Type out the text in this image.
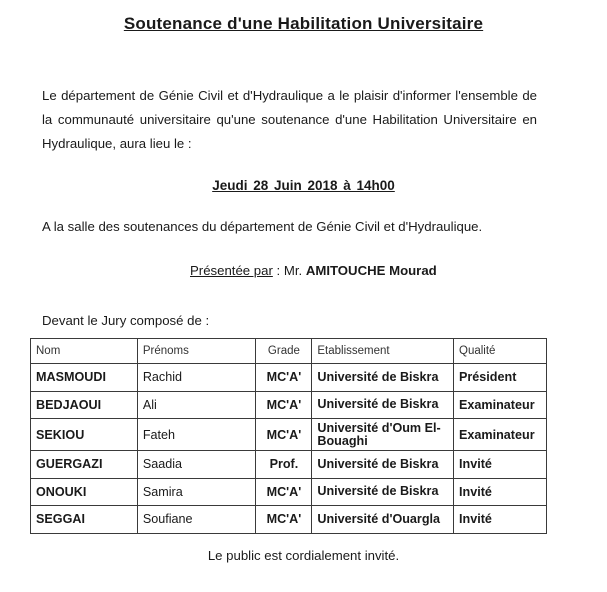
Soutenance d'une Habilitation Universitaire
Le département de Génie Civil et d'Hydraulique a le plaisir d'informer l'ensemble de la communauté universitaire qu'une soutenance d'une Habilitation Universitaire en Hydraulique, aura lieu le :
Jeudi 28 Juin 2018 à 14h00
A la salle des soutenances du département de Génie Civil et d'Hydraulique.
Présentée par : Mr. AMITOUCHE Mourad
Devant le Jury composé de :
Nom	Prénoms	Grade	Etablissement	Qualité
MASMOUDI	Rachid	MC'A'	Université de Biskra	Président
BEDJAOUI	Ali	MC'A'	Université de Biskra	Examinateur
SEKIOU	Fateh	MC'A'	Université d'Oum El-Bouaghi	Examinateur
GUERGAZI	Saadia	Prof.	Université de Biskra	Invité
ONOUKI	Samira	MC'A'	Université de Biskra	Invité
SEGGAI	Soufiane	MC'A'	Université d'Ouargla	Invité
Le public est cordialement invité.
